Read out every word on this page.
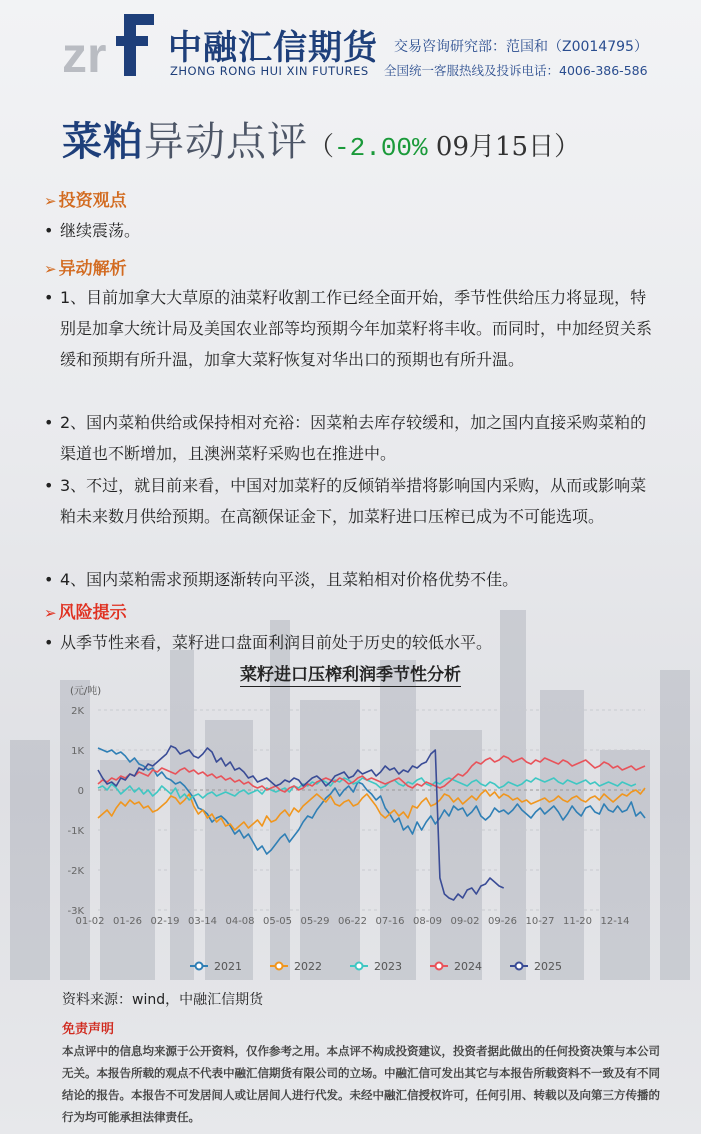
zr 中融汇信期货
ZHONG RONG HUI XIN FUTURES
交易咨询研究部：范国和（Z0014795）
全国统一客服热线及投诉电话：4006-386-586
菜粕异动点评（-2.00% 09月15日）
➢ 投资观点
• 继续震荡。
➢ 异动解析
• 1、目前加拿大大草原的油菜籽收割工作已经全面开始，季节性供给压力将显现，特别是加拿大统计局及美国农业部等均预期今年加菜籽将丰收。而同时，中加经贸关系缓和预期有所升温，加拿大菜籽恢复对华出口的预期也有所升温。
• 2、国内菜粕供给或保持相对充裕：因菜粕去库存较缓和，加之国内直接采购菜粕的渠道也不断增加，且澳洲菜籽采购也在推进中。
• 3、不过，就目前来看，中国对加菜籽的反倾销举措将影响国内采购，从而或影响菜粕未来数月供给预期。在高额保证金下，加菜籽进口压榨已成为不可能选项。
• 4、国内菜粕需求预期逐渐转向平淡，且菜粕相对价格优势不佳。
➢ 风险提示
• 从季节性来看，菜籽进口盘面利润目前处于历史的较低水平。
菜籽进口压榨利润季节性分析
(元/吨)
2K
1K
0
-1K
-2K
-3K
01-02 01-26 02-19 03-14 04-08 05-05 05-29 06-22 07-16 08-09 09-02 09-26 10-27 11-20 12-14
2021	2022	2023	2024	2025
资料来源：wind，中融汇信期货
免责声明
本点评中的信息均来源于公开资料，仅作参考之用。本点评不构成投资建议，投资者据此做出的任何投资决策与本公司无关。本报告所载的观点不代表中融汇信期货有限公司的立场。中融汇信可发出其它与本报告所载资料不一致及有不同结论的报告。本报告不可发居间人或让居间人进行代发。未经中融汇信授权许可，任何引用、转载以及向第三方传播的行为均可能承担法律责任。
